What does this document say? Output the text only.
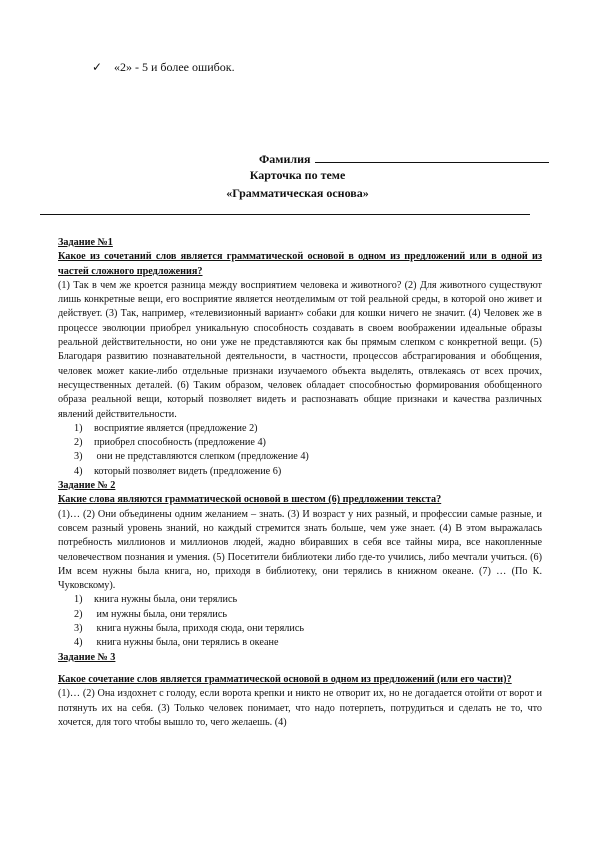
✓ «2» - 5 и более ошибок.
Фамилия
Карточка по теме
«Грамматическая основа»

Задание №1

Какое из сочетаний слов является грамматической основой в одном из предложений или в одной из частей сложного предложения?

(1) Так в чем же кроется разница между восприятием человека и животного? (2) Для животного существуют лишь конкретные вещи, его восприятие является неотделимым от той реальной среды, в которой оно живет и действует. (3) Так, например, «телевизионный вариант» собаки для кошки ничего не значит. (4) Человек же в процессе эволюции приобрел уникальную способность создавать в своем воображении идеальные образы реальной действительности, но они уже не представляются как бы прямым слепком с конкретной вещи. (5) Благодаря развитию познавательной деятельности, в частности, процессов абстрагирования и обобщения, человек может какие-либо отдельные признаки изучаемого объекта выделять, отвлекаясь от всех прочих, несущественных деталей. (6) Таким образом, человек обладает способностью формирования обобщенного образа реальной вещи, который позволяет видеть и распознавать общие признаки и качества различных явлений действительности.

1) восприятие является (предложение 2)
2) приобрел способность (предложение 4)
3) они не представляются слепком (предложение 4)
4) который позволяет видеть (предложение 6)

Задание № 2

Какие слова являются грамматической основой в шестом (6) предложении текста?

(1)… (2) Они объединены одним желанием – знать. (3) И возраст у них разный, и профессии самые разные, и совсем разный уровень знаний, но каждый стремится знать больше, чем уже знает. (4) В этом выражалась потребность миллионов и миллионов людей, жадно вбиравших в себя все тайны мира, все накопленные человечеством познания и умения. (5) Посетители библиотеки либо где-то учились, либо мечтали учиться. (6) Им всем нужны была книга, но, приходя в библиотеку, они терялись в книжном океане. (7) … (По К. Чуковскому).

1) книга нужны была, они терялись
2) им нужны была, они терялись
3) книга нужны была, приходя сюда, они терялись
4) книга нужны была, они терялись в океане

Задание № 3

Какое сочетание слов является грамматической основой в одном из предложений (или его части)?

(1)… (2) Она издохнет с голоду, если ворота крепки и никто не отворит их, но не догадается отойти от ворот и потянуть их на себя. (3) Только человек понимает, что надо потерпеть, потрудиться и сделать не то, что хочется, для того чтобы вышло то, чего желаешь. (4)
